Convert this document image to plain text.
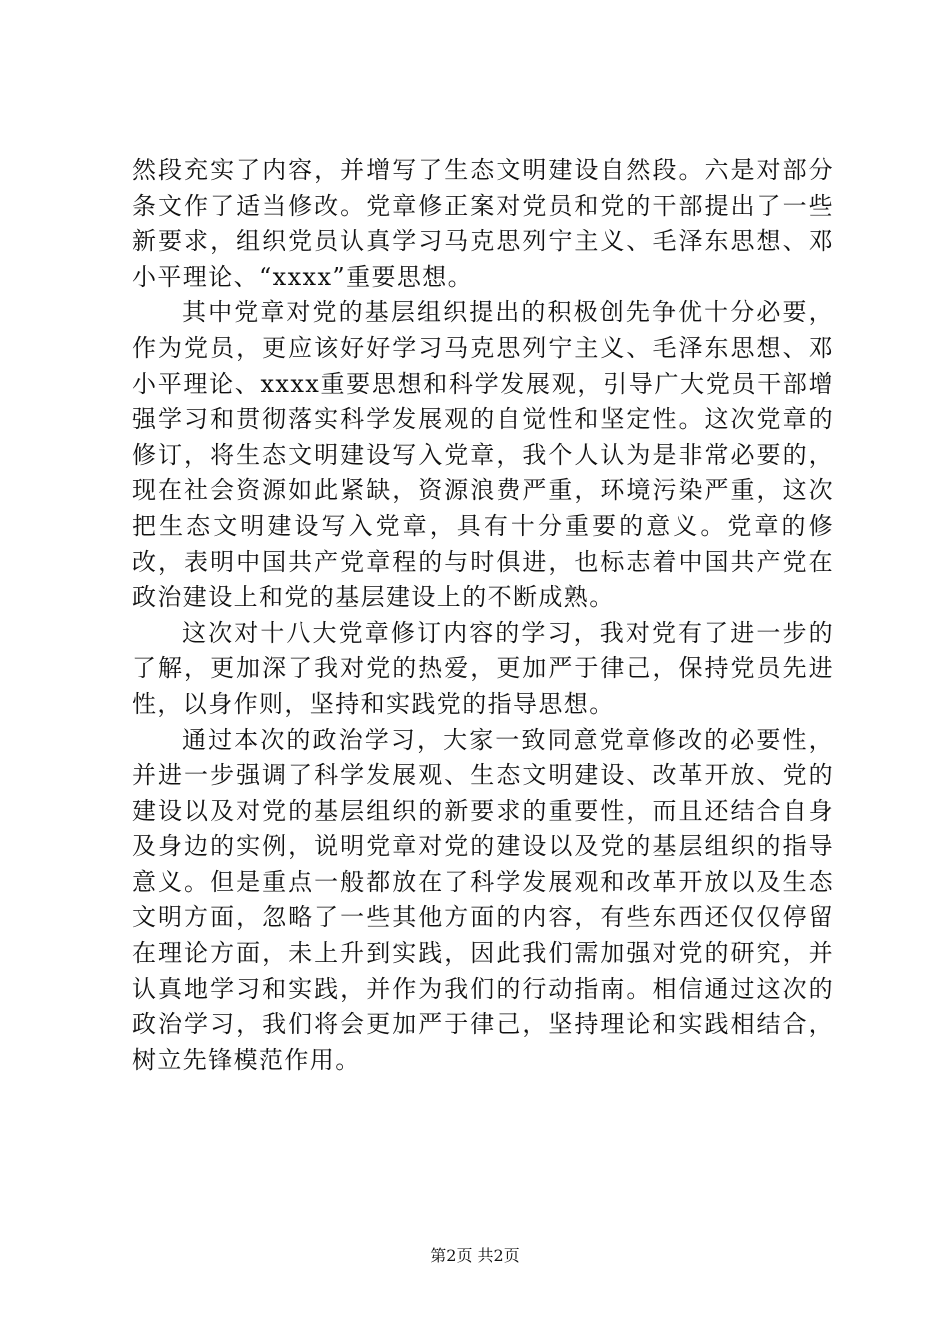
然段充实了内容，并增写了生态文明建设自然段。六是对部分条文作了适当修改。党章修正案对党员和党的干部提出了一些新要求，组织党员认真学习马克思列宁主义、毛泽东思想、邓小平理论、“xxxx”重要思想。

其中党章对党的基层组织提出的积极创先争优十分必要，作为党员，更应该好好学习马克思列宁主义、毛泽东思想、邓小平理论、xxxx重要思想和科学发展观，引导广大党员干部增强学习和贯彻落实科学发展观的自觉性和坚定性。这次党章的修订，将生态文明建设写入党章，我个人认为是非常必要的，现在社会资源如此紧缺，资源浪费严重，环境污染严重，这次把生态文明建设写入党章，具有十分重要的意义。党章的修改，表明中国共产党章程的与时俱进，也标志着中国共产党在政治建设上和党的基层建设上的不断成熟。

这次对十八大党章修订内容的学习，我对党有了进一步的了解，更加深了我对党的热爱，更加严于律己，保持党员先进性，以身作则，坚持和实践党的指导思想。

通过本次的政治学习，大家一致同意党章修改的必要性，并进一步强调了科学发展观、生态文明建设、改革开放、党的建设以及对党的基层组织的新要求的重要性，而且还结合自身及身边的实例，说明党章对党的建设以及党的基层组织的指导意义。但是重点一般都放在了科学发展观和改革开放以及生态文明方面，忽略了一些其他方面的内容，有些东西还仅仅停留在理论方面，未上升到实践，因此我们需加强对党的研究，并认真地学习和实践，并作为我们的行动指南。相信通过这次的政治学习，我们将会更加严于律己，坚持理论和实践相结合，树立先锋模范作用。

第2页 共2页
